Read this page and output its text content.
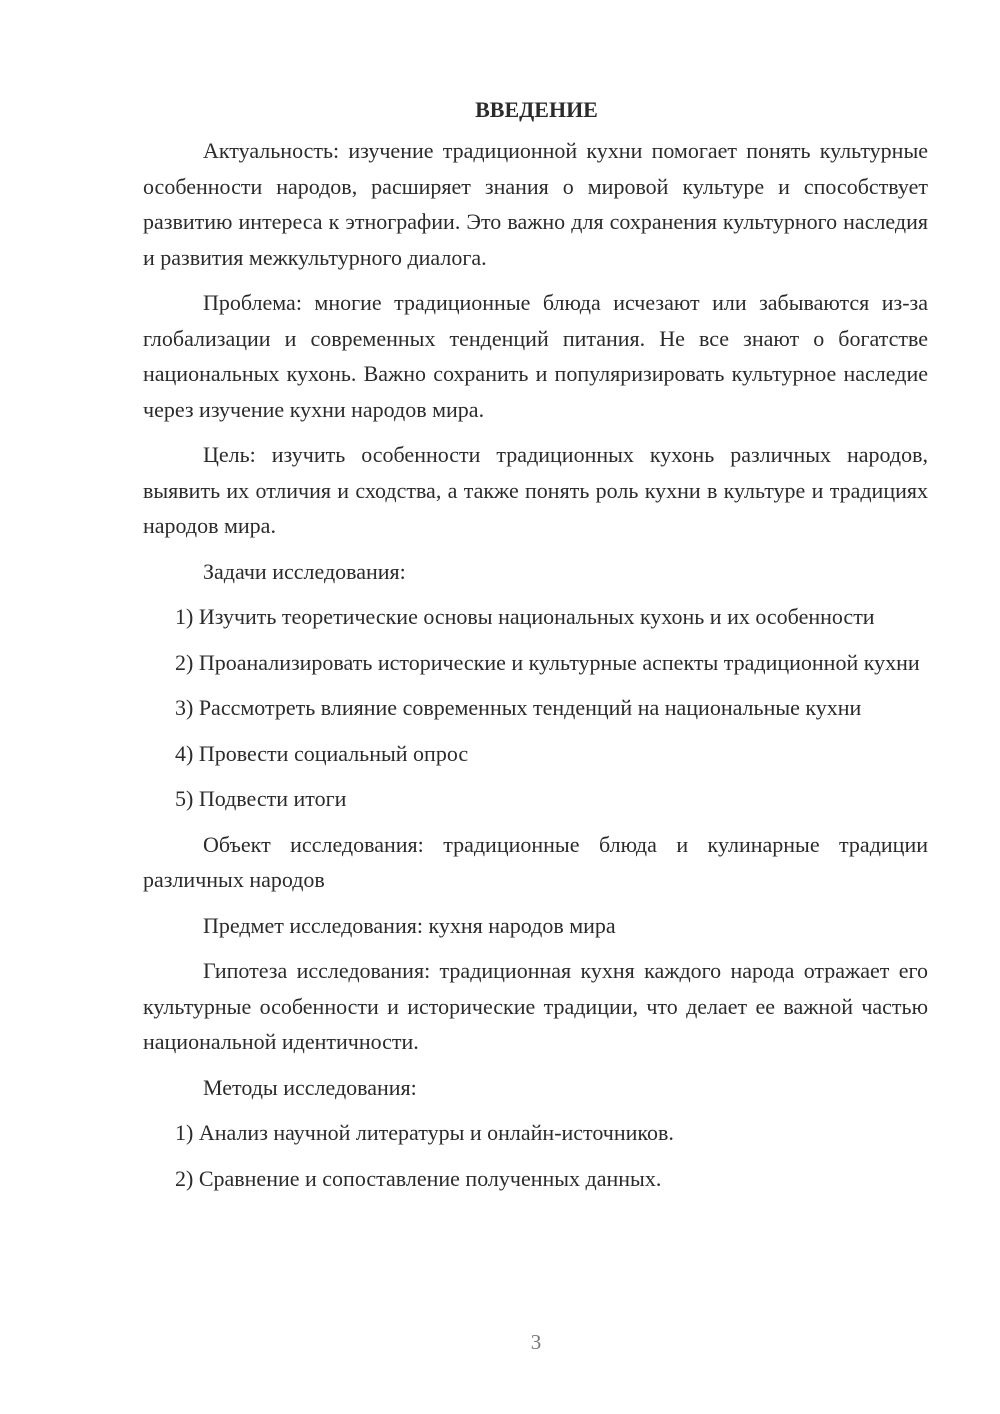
ВВЕДЕНИЕ

Актуальность: изучение традиционной кухни помогает понять культурные особенности народов, расширяет знания о мировой культуре и способствует развитию интереса к этнографии. Это важно для сохранения культурного наследия и развития межкультурного диалога.

Проблема: многие традиционные блюда исчезают или забываются из-за глобализации и современных тенденций питания. Не все знают о богатстве национальных кухонь. Важно сохранить и популяризировать культурное наследие через изучение кухни народов мира.

Цель: изучить особенности традиционных кухонь различных народов, выявить их отличия и сходства, а также понять роль кухни в культуре и традициях народов мира.

Задачи исследования:

1) Изучить теоретические основы национальных кухонь и их особенности

2) Проанализировать исторические и культурные аспекты традиционной кухни

3) Рассмотреть влияние современных тенденций на национальные кухни

4) Провести социальный опрос

5) Подвести итоги

Объект исследования: традиционные блюда и кулинарные традиции различных народов

Предмет исследования: кухня народов мира

Гипотеза исследования: традиционная кухня каждого народа отражает его культурные особенности и исторические традиции, что делает ее важной частью национальной идентичности.

Методы исследования:

1) Анализ научной литературы и онлайн-источников.

2) Сравнение и сопоставление полученных данных.

3
